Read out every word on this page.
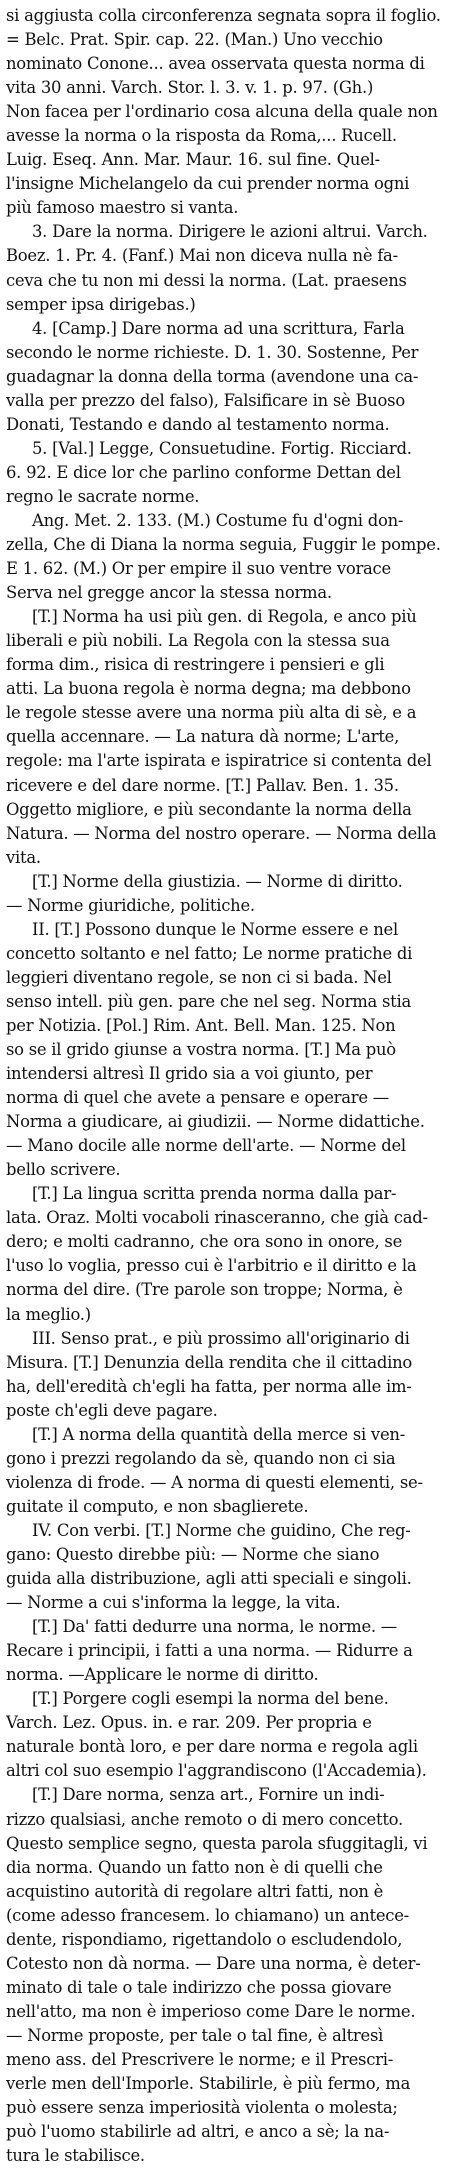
si aggiusta colla circonferenza segnata sopra il foglio.
= Belc. Prat. Spir. cap. 22. (Man.) Uno vecchio
nominato Conone... avea osservata questa norma di
vita 30 anni. Varch. Stor. l. 3. v. 1. p. 97. (Gh.)
Non facea per l'ordinario cosa alcuna della quale non
avesse la norma o la risposta da Roma,... Rucell.
Luig. Eseq. Ann. Mar. Maur. 16. sul fine. Quel-
l'insigne Michelangelo da cui prender norma ogni
più famoso maestro si vanta.
3. Dare la norma. Dirigere le azioni altrui. Varch.
Boez. 1. Pr. 4. (Fanf.) Mai non diceva nulla nè fa-
ceva che tu non mi dessi la norma. (Lat. praesens
semper ipsa dirigebas.)
4. [Camp.] Dare norma ad una scrittura, Farla
secondo le norme richieste. D. 1. 30. Sostenne, Per
guadagnar la donna della torma (avendone una ca-
valla per prezzo del falso), Falsificare in sè Buoso
Donati, Testando e dando al testamento norma.
5. [Val.] Legge, Consuetudine. Fortig. Ricciard.
6. 92. E dice lor che parlino conforme Dettan del
regno le sacrate norme.
Ang. Met. 2. 133. (M.) Costume fu d'ogni don-
zella, Che di Diana la norma seguia, Fuggir le pompe.
E 1. 62. (M.) Or per empire il suo ventre vorace
Serva nel gregge ancor la stessa norma.
[T.] Norma ha usi più gen. di Regola, e anco più
liberali e più nobili. La Regola con la stessa sua
forma dim., risica di restringere i pensieri e gli
atti. La buona regola è norma degna; ma debbono
le regole stesse avere una norma più alta di sè, e a
quella accennare. — La natura dà norme; L'arte,
regole: ma l'arte ispirata e ispiratrice si contenta del
ricevere e del dare norme. [T.] Pallav. Ben. 1. 35.
Oggetto migliore, e più secondante la norma della
Natura. — Norma del nostro operare. — Norma della
vita.
[T.] Norme della giustizia. — Norme di diritto.
— Norme giuridiche, politiche.
II. [T.] Possono dunque le Norme essere e nel
concetto soltanto e nel fatto; Le norme pratiche di
leggieri diventano regole, se non ci si bada. Nel
senso intell. più gen. pare che nel seg. Norma stia
per Notizia. [Pol.] Rim. Ant. Bell. Man. 125. Non
so se il grido giunse a vostra norma. [T.] Ma può
intendersi altresì Il grido sia a voi giunto, per
norma di quel che avete a pensare e operare —
Norma a giudicare, ai giudizii. — Norme didattiche.
— Mano docile alle norme dell'arte. — Norme del
bello scrivere.
[T.] La lingua scritta prenda norma dalla par-
lata. Oraz. Molti vocaboli rinasceranno, che già cad-
dero; e molti cadranno, che ora sono in onore, se
l'uso lo voglia, presso cui è l'arbitrio e il diritto e la
norma del dire. (Tre parole son troppe; Norma, è
la meglio.)
III. Senso prat., e più prossimo all'originario di
Misura. [T.] Denunzia della rendita che il cittadino
ha, dell'eredità ch'egli ha fatta, per norma alle im-
poste ch'egli deve pagare.
[T.] A norma della quantità della merce si ven-
gono i prezzi regolando da sè, quando non ci sia
violenza di frode. — A norma di questi elementi, se-
guitate il computo, e non sbaglierete.
IV. Con verbi. [T.] Norme che guidino, Che reg-
gano: Questo direbbe più: — Norme che siano
guida alla distribuzione, agli atti speciali e singoli.
— Norme a cui s'informa la legge, la vita.
[T.] Da' fatti dedurre una norma, le norme. —
Recare i principii, i fatti a una norma. — Ridurre a
norma. —Applicare le norme di diritto.
[T.] Porgere cogli esempi la norma del bene.
Varch. Lez. Opus. in. e rar. 209. Per propria e
naturale bontà loro, e per dare norma e regola agli
altri col suo esempio l'aggrandiscono (l'Accademia).
[T.] Dare norma, senza art., Fornire un indi-
rizzo qualsiasi, anche remoto o di mero concetto.
Questo semplice segno, questa parola sfuggitagli, vi
dia norma. Quando un fatto non è di quelli che
acquistino autorità di regolare altri fatti, non è
(come adesso francesem. lo chiamano) un antece-
dente, rispondiamo, rigettandolo o escludendolo,
Cotesto non dà norma. — Dare una norma, è deter-
minato di tale o tale indirizzo che possa giovare
nell'atto, ma non è imperioso come Dare le norme.
— Norme proposte, per tale o tal fine, è altresì
meno ass. del Prescrivere le norme; e il Prescri-
verle men dell'Imporle. Stabilirle, è più fermo, ma
può essere senza imperiosità violenta o molesta;
può l'uomo stabilirle ad altri, e anco a sè; la na-
tura le stabilisce.
